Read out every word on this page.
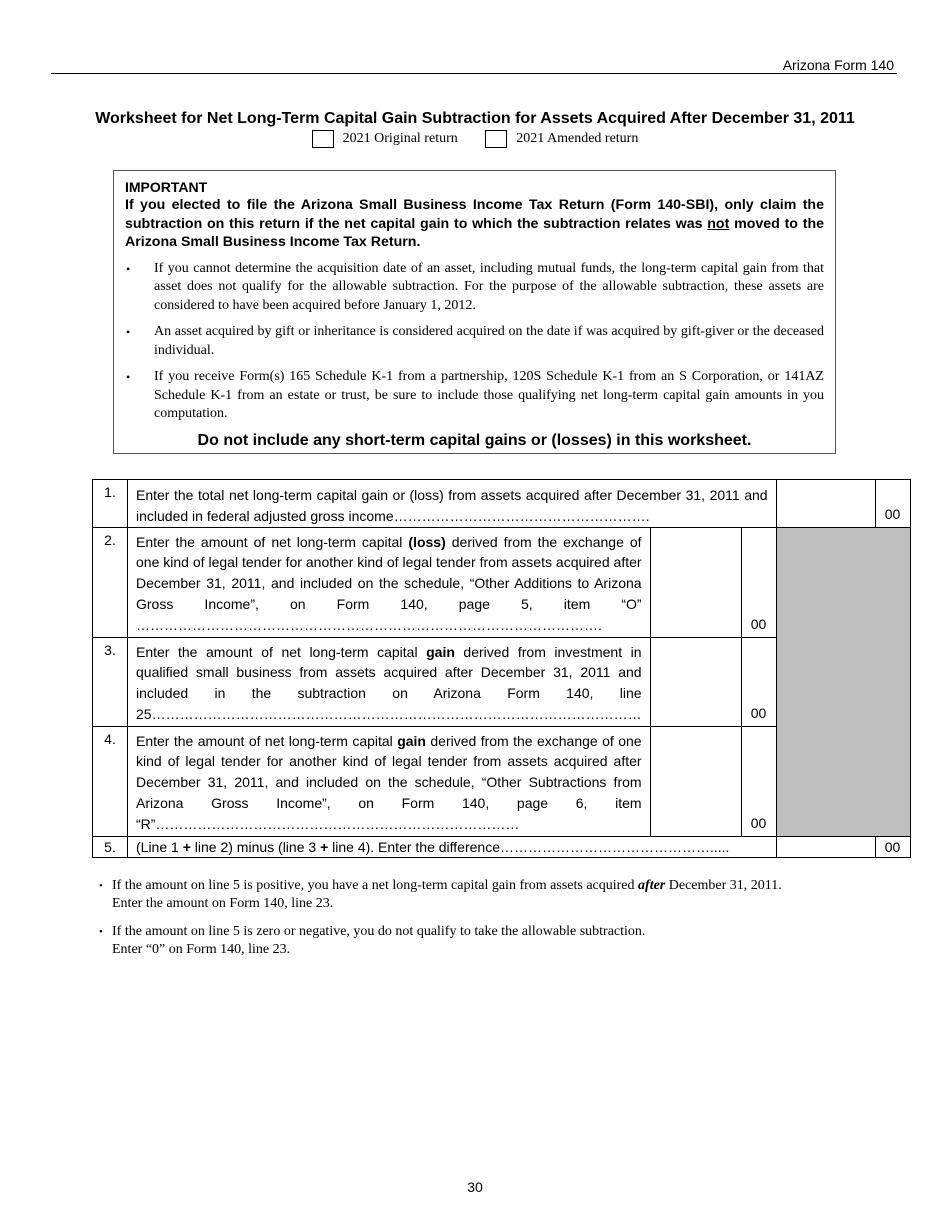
Arizona Form 140
Worksheet for Net Long-Term Capital Gain Subtraction for Assets Acquired After December 31, 2011
2021 Original return
	2021 Amended return
IMPORTANT
If you elected to file the Arizona Small Business Income Tax Return (Form 140-SBI), only claim the subtraction on this return if the net capital gain to which the subtraction relates was not moved to the Arizona Small Business Income Tax Return.
•	If you cannot determine the acquisition date of an asset, including mutual funds, the long-term capital gain from that asset does not qualify for the allowable subtraction. For the purpose of the allowable subtraction, these assets are considered to have been acquired before January 1, 2012.
•	An asset acquired by gift or inheritance is considered acquired on the date if was acquired by gift-giver or the deceased individual.
•	If you receive Form(s) 165 Schedule K-1 from a partnership, 120S Schedule K-1 from an S Corporation, or 141AZ Schedule K-1 from an estate or trust, be sure to include those qualifying net long-term capital gain amounts in you computation.
Do not include any short-term capital gains or (losses) in this worksheet.
1.	Enter the total net long-term capital gain or (loss) from assets acquired after December 31, 2011 and included in federal adjusted gross income……………………………………………….				00
2.	Enter the amount of net long-term capital (loss) derived from the exchange of one kind of legal tender for another kind of legal tender from assets acquired after December 31, 2011, and included on the schedule, “Other Additions to Arizona Gross Income”, on Form 140, page 5, item “O” ……………………………………………………………………………………….		00		
3.	Enter the amount of net long-term capital gain derived from investment in qualified small business from assets acquired after December 31, 2011 and included in the subtraction on Arizona Form 140, line 25……………………………………………………………………………………………		00		
4.	Enter the amount of net long-term capital gain derived from the exchange of one kind of legal tender for another kind of legal tender from assets acquired after December 31, 2011, and included on the schedule, “Other Subtractions from Arizona Gross Income”, on Form 140, page 6, item “R”……………………………………………………………………		00		
5.	(Line 1 + line 2) minus (line 3 + line 4). Enter the difference……………………………………….....				00
• If the amount on line 5 is positive, you have a net long-term capital gain from assets acquired after December 31, 2011.
Enter the amount on Form 140, line 23.
• If the amount on line 5 is zero or negative, you do not qualify to take the allowable subtraction.
Enter “0” on Form 140, line 23.
30
